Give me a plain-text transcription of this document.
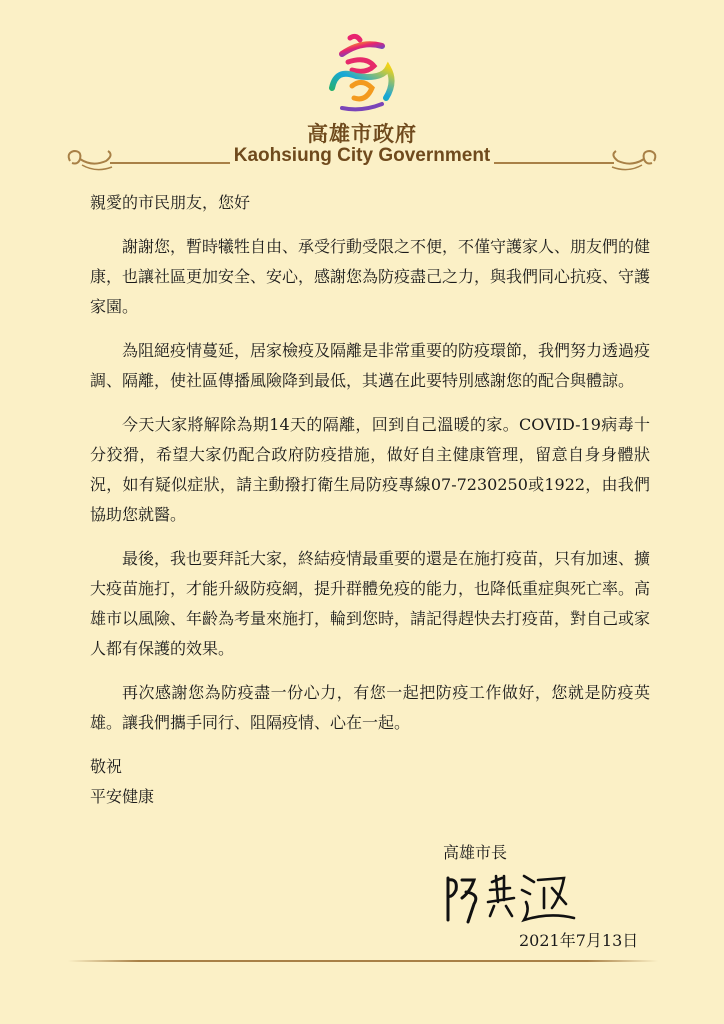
高雄市政府
Kaohsiung City Government

親愛的市民朋友，您好

謝謝您，暫時犧牲自由、承受行動受限之不便，不僅守護家人、朋友們的健康，也讓社區更加安全、安心，感謝您為防疫盡己之力，與我們同心抗疫、守護家園。

為阻絕疫情蔓延，居家檢疫及隔離是非常重要的防疫環節，我們努力透過疫調、隔離，使社區傳播風險降到最低，其邁在此要特別感謝您的配合與體諒。

今天大家將解除為期14天的隔離，回到自己溫暖的家。COVID-19病毒十分狡猾，希望大家仍配合政府防疫措施，做好自主健康管理，留意自身身體狀況，如有疑似症狀，請主動撥打衛生局防疫專線07-7230250或1922，由我們協助您就醫。

最後，我也要拜託大家，終結疫情最重要的還是在施打疫苗，只有加速、擴大疫苗施打，才能升級防疫網，提升群體免疫的能力，也降低重症與死亡率。高雄市以風險、年齡為考量來施打，輪到您時，請記得趕快去打疫苗，對自己或家人都有保護的效果。

再次感謝您為防疫盡一份心力，有您一起把防疫工作做好，您就是防疫英雄。讓我們攜手同行、阻隔疫情、心在一起。

敬祝
平安健康
高雄市長
2021年7月13日
